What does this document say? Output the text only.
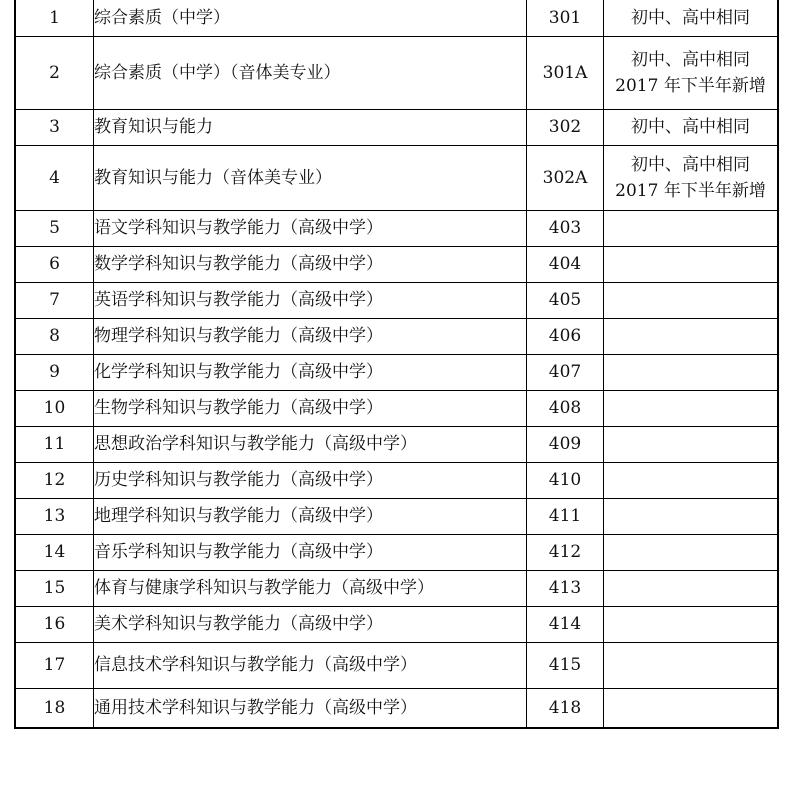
1	综合素质（中学）	301	初中、高中相同

2	综合素质（中学）（音体美专业）	301A	初中、高中相同
2017 年下半年新增

3	教育知识与能力	302	初中、高中相同

4	教育知识与能力（音体美专业）	302A	初中、高中相同
2017 年下半年新增

5	语文学科知识与教学能力（高级中学）	403	
6	数学学科知识与教学能力（高级中学）	404	
7	英语学科知识与教学能力（高级中学）	405	
8	物理学科知识与教学能力（高级中学）	406	
9	化学学科知识与教学能力（高级中学）	407	
10	生物学科知识与教学能力（高级中学）	408	
11	思想政治学科知识与教学能力（高级中学）	409	
12	历史学科知识与教学能力（高级中学）	410	
13	地理学科知识与教学能力（高级中学）	411	
14	音乐学科知识与教学能力（高级中学）	412	
15	体育与健康学科知识与教学能力（高级中学）	413	
16	美术学科知识与教学能力（高级中学）	414	
17	信息技术学科知识与教学能力（高级中学）	415	
18	通用技术学科知识与教学能力（高级中学）	418	
